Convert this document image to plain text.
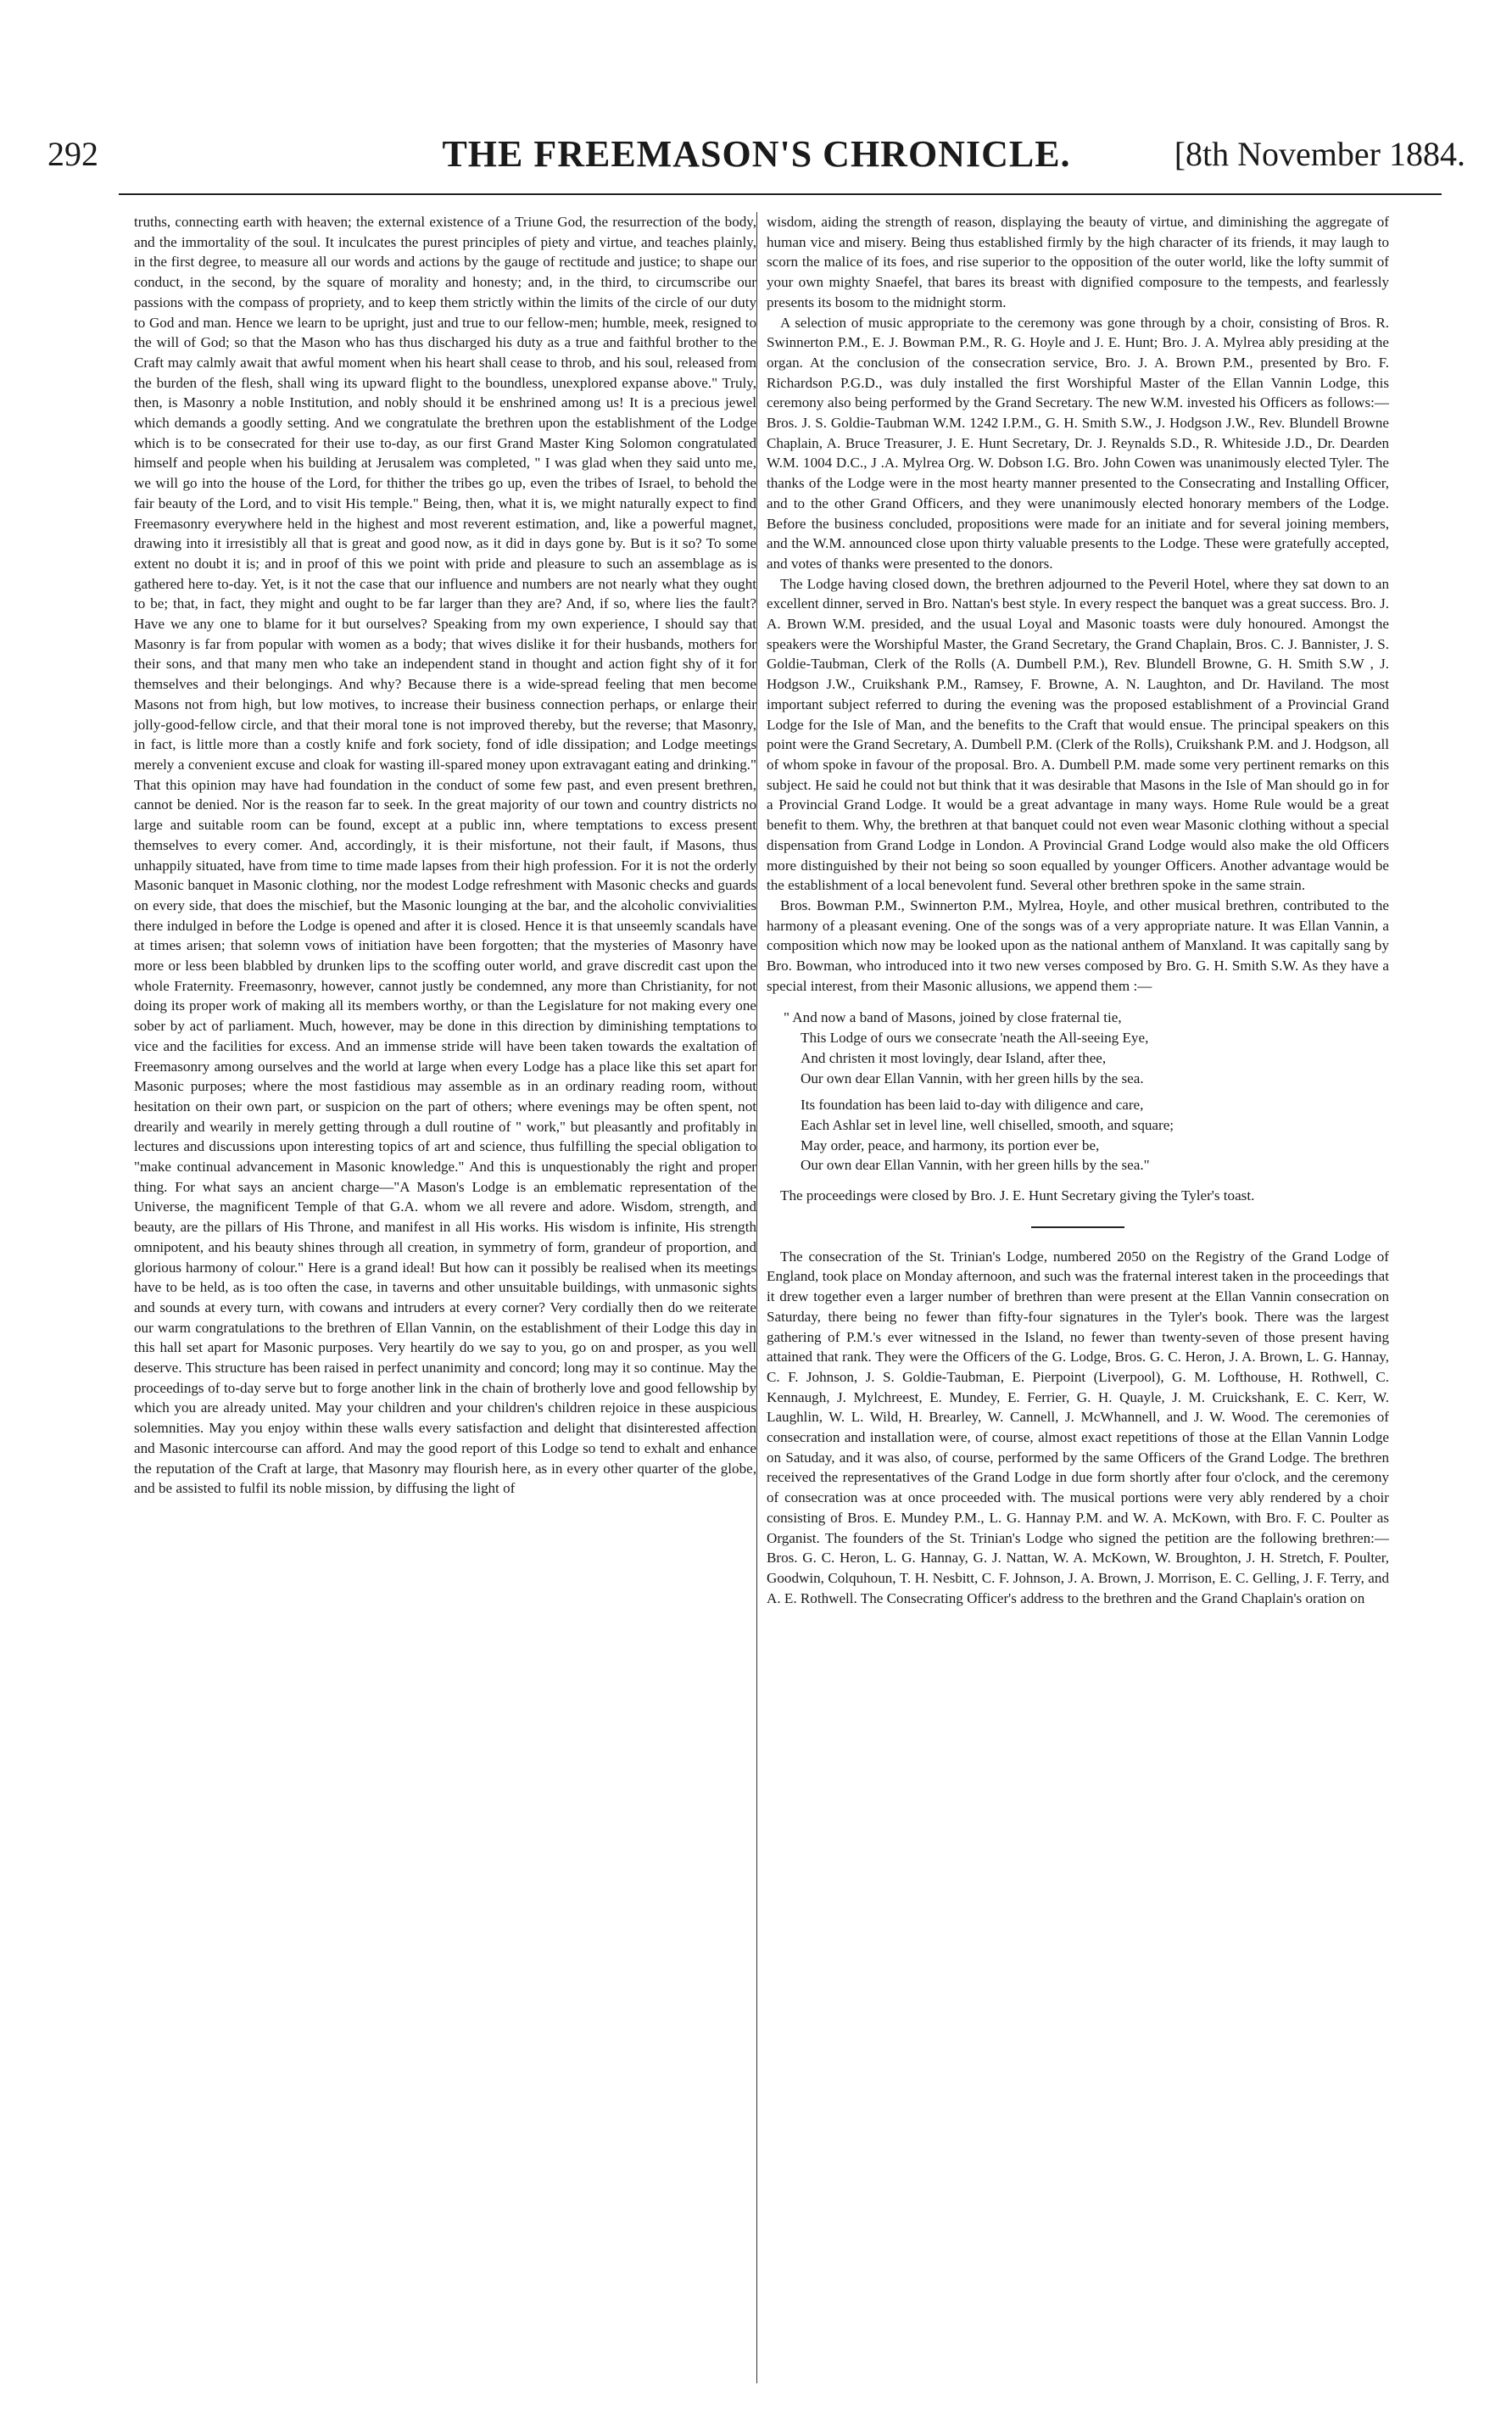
292	THE FREEMASON'S CHRONICLE.	[8th November 1884.

truths, connecting earth with heaven; the external existence of a Triune God, the resurrection of the body, and the immortality of the soul. It inculcates the purest principles of piety and virtue, and teaches plainly, in the first degree, to measure all our words and actions by the gauge of rectitude and justice; to shape our conduct, in the second, by the square of morality and honesty; and, in the third, to circumscribe our passions with the compass of propriety, and to keep them strictly within the limits of the circle of our duty to God and man. Hence we learn to be upright, just and true to our fellow-men; humble, meek, resigned to the will of God; so that the Mason who has thus discharged his duty as a true and faithful brother to the Craft may calmly await that awful moment when his heart shall cease to throb, and his soul, released from the burden of the flesh, shall wing its upward flight to the boundless, unexplored expanse above." Truly, then, is Masonry a noble Institution, and nobly should it be enshrined among us! It is a precious jewel which demands a goodly setting. And we congratulate the brethren upon the establishment of the Lodge which is to be consecrated for their use to-day, as our first Grand Master King Solomon congratulated himself and people when his building at Jerusalem was completed, " I was glad when they said unto me, we will go into the house of the Lord, for thither the tribes go up, even the tribes of Israel, to behold the fair beauty of the Lord, and to visit His temple." Being, then, what it is, we might naturally expect to find Freemasonry everywhere held in the highest and most reverent estimation, and, like a powerful magnet, drawing into it irresistibly all that is great and good now, as it did in days gone by. But is it so? To some extent no doubt it is; and in proof of this we point with pride and pleasure to such an assemblage as is gathered here to-day. Yet, is it not the case that our influence and numbers are not nearly what they ought to be; that, in fact, they might and ought to be far larger than they are? And, if so, where lies the fault? Have we any one to blame for it but ourselves? Speaking from my own experience, I should say that Masonry is far from popular with women as a body; that wives dislike it for their husbands, mothers for their sons, and that many men who take an independent stand in thought and action fight shy of it for themselves and their belongings. And why? Because there is a wide-spread feeling that men become Masons not from high, but low motives, to increase their business connection perhaps, or enlarge their jolly-good-fellow circle, and that their moral tone is not improved thereby, but the reverse; that Masonry, in fact, is little more than a costly knife and fork society, fond of idle dissipation; and Lodge meetings merely a convenient excuse and cloak for wasting ill-spared money upon extravagant eating and drinking." That this opinion may have had foundation in the conduct of some few past, and even present brethren, cannot be denied. Nor is the reason far to seek. In the great majority of our town and country districts no large and suitable room can be found, except at a public inn, where temptations to excess present themselves to every comer. And, accordingly, it is their misfortune, not their fault, if Masons, thus unhappily situated, have from time to time made lapses from their high profession. For it is not the orderly Masonic banquet in Masonic clothing, nor the modest Lodge refreshment with Masonic checks and guards on every side, that does the mischief, but the Masonic lounging at the bar, and the alcoholic convivialities there indulged in before the Lodge is opened and after it is closed. Hence it is that unseemly scandals have at times arisen; that solemn vows of initiation have been forgotten; that the mysteries of Masonry have more or less been blabbled by drunken lips to the scoffing outer world, and grave discredit cast upon the whole Fraternity. Freemasonry, however, cannot justly be condemned, any more than Christianity, for not doing its proper work of making all its members worthy, or than the Legislature for not making every one sober by act of parliament. Much, however, may be done in this direction by diminishing temptations to vice and the facilities for excess. And an immense stride will have been taken towards the exaltation of Freemasonry among ourselves and the world at large when every Lodge has a place like this set apart for Masonic purposes; where the most fastidious may assemble as in an ordinary reading room, without hesitation on their own part, or suspicion on the part of others; where evenings may be often spent, not drearily and wearily in merely getting through a dull routine of " work," but pleasantly and profitably in lectures and discussions upon interesting topics of art and science, thus fulfilling the special obligation to "make continual advancement in Masonic knowledge." And this is unquestionably the right and proper thing. For what says an ancient charge—"A Mason's Lodge is an emblematic representation of the Universe, the magnificent Temple of that G.A. whom we all revere and adore. Wisdom, strength, and beauty, are the pillars of His Throne, and manifest in all His works. His wisdom is infinite, His strength omnipotent, and his beauty shines through all creation, in symmetry of form, grandeur of proportion, and glorious harmony of colour." Here is a grand ideal! But how can it possibly be realised when its meetings have to be held, as is too often the case, in taverns and other unsuitable buildings, with unmasonic sights and sounds at every turn, with cowans and intruders at every corner? Very cordially then do we reiterate our warm congratulations to the brethren of Ellan Vannin, on the establishment of their Lodge this day in this hall set apart for Masonic purposes. Very heartily do we say to you, go on and prosper, as you well deserve. This structure has been raised in perfect unanimity and concord; long may it so continue. May the proceedings of to-day serve but to forge another link in the chain of brotherly love and good fellowship by which you are already united. May your children and your children's children rejoice in these auspicious solemnities. May you enjoy within these walls every satisfaction and delight that disinterested affection and Masonic intercourse can afford. And may the good report of this Lodge so tend to exhalt and enhance the reputation of the Craft at large, that Masonry may flourish here, as in every other quarter of the globe, and be assisted to fulfil its noble mission, by diffusing the light of

wisdom, aiding the strength of reason, displaying the beauty of virtue, and diminishing the aggregate of human vice and misery. Being thus established firmly by the high character of its friends, it may laugh to scorn the malice of its foes, and rise superior to the opposition of the outer world, like the lofty summit of your own mighty Snaefel, that bares its breast with dignified composure to the tempests, and fearlessly presents its bosom to the midnight storm.

A selection of music appropriate to the ceremony was gone through by a choir, consisting of Bros. R. Swinnerton P.M., E. J. Bowman P.M., R. G. Hoyle and J. E. Hunt; Bro. J. A. Mylrea ably presiding at the organ. At the conclusion of the consecration service, Bro. J. A. Brown P.M., presented by Bro. F. Richardson P.G.D., was duly installed the first Worshipful Master of the Ellan Vannin Lodge, this ceremony also being performed by the Grand Secretary. The new W.M. invested his Officers as follows:—Bros. J. S. Goldie-Taubman W.M. 1242 I.P.M., G. H. Smith S.W., J. Hodgson J.W., Rev. Blundell Browne Chaplain, A. Bruce Treasurer, J. E. Hunt Secretary, Dr. J. Reynalds S.D., R. Whiteside J.D., Dr. Dearden W.M. 1004 D.C., J .A. Mylrea Org. W. Dobson I.G. Bro. John Cowen was unanimously elected Tyler. The thanks of the Lodge were in the most hearty manner presented to the Consecrating and Installing Officer, and to the other Grand Officers, and they were unanimously elected honorary members of the Lodge. Before the business concluded, propositions were made for an initiate and for several joining members, and the W.M. announced close upon thirty valuable presents to the Lodge. These were gratefully accepted, and votes of thanks were presented to the donors.

The Lodge having closed down, the brethren adjourned to the Peveril Hotel, where they sat down to an excellent dinner, served in Bro. Nattan's best style. In every respect the banquet was a great success. Bro. J. A. Brown W.M. presided, and the usual Loyal and Masonic toasts were duly honoured. Amongst the speakers were the Worshipful Master, the Grand Secretary, the Grand Chaplain, Bros. C. J. Bannister, J. S. Goldie-Taubman, Clerk of the Rolls (A. Dumbell P.M.), Rev. Blundell Browne, G. H. Smith S.W , J. Hodgson J.W., Cruikshank P.M., Ramsey, F. Browne, A. N. Laughton, and Dr. Haviland. The most important subject referred to during the evening was the proposed establishment of a Provincial Grand Lodge for the Isle of Man, and the benefits to the Craft that would ensue. The principal speakers on this point were the Grand Secretary, A. Dumbell P.M. (Clerk of the Rolls), Cruikshank P.M. and J. Hodgson, all of whom spoke in favour of the proposal. Bro. A. Dumbell P.M. made some very pertinent remarks on this subject. He said he could not but think that it was desirable that Masons in the Isle of Man should go in for a Provincial Grand Lodge. It would be a great advantage in many ways. Home Rule would be a great benefit to them. Why, the brethren at that banquet could not even wear Masonic clothing without a special dispensation from Grand Lodge in London. A Provincial Grand Lodge would also make the old Officers more distinguished by their not being so soon equalled by younger Officers. Another advantage would be the establishment of a local benevolent fund. Several other brethren spoke in the same strain.

Bros. Bowman P.M., Swinnerton P.M., Mylrea, Hoyle, and other musical brethren, contributed to the harmony of a pleasant evening. One of the songs was of a very appropriate nature. It was Ellan Vannin, a composition which now may be looked upon as the national anthem of Manxland. It was capitally sang by Bro. Bowman, who introduced into it two new verses composed by Bro. G. H. Smith S.W. As they have a special interest, from their Masonic allusions, we append them :—

" And now a band of Masons, joined by close fraternal tie,

This Lodge of ours we consecrate 'neath the All-seeing Eye,

And christen it most lovingly, dear Island, after thee,

Our own dear Ellan Vannin, with her green hills by the sea.

Its foundation has been laid to-day with diligence and care,

Each Ashlar set in level line, well chiselled, smooth, and square;

May order, peace, and harmony, its portion ever be,

Our own dear Ellan Vannin, with her green hills by the sea."

The proceedings were closed by Bro. J. E. Hunt Secretary giving the Tyler's toast.

The consecration of the St. Trinian's Lodge, numbered 2050 on the Registry of the Grand Lodge of England, took place on Monday afternoon, and such was the fraternal interest taken in the proceedings that it drew together even a larger number of brethren than were present at the Ellan Vannin consecration on Saturday, there being no fewer than fifty-four signatures in the Tyler's book. There was the largest gathering of P.M.'s ever witnessed in the Island, no fewer than twenty-seven of those present having attained that rank. They were the Officers of the G. Lodge, Bros. G. C. Heron, J. A. Brown, L. G. Hannay, C. F. Johnson, J. S. Goldie-Taubman, E. Pierpoint (Liverpool), G. M. Lofthouse, H. Rothwell, C. Kennaugh, J. Mylchreest, E. Mundey, E. Ferrier, G. H. Quayle, J. M. Cruickshank, E. C. Kerr, W. Laughlin, W. L. Wild, H. Brearley, W. Cannell, J. McWhannell, and J. W. Wood. The ceremonies of consecration and installation were, of course, almost exact repetitions of those at the Ellan Vannin Lodge on Satuday, and it was also, of course, performed by the same Officers of the Grand Lodge. The brethren received the representatives of the Grand Lodge in due form shortly after four o'clock, and the ceremony of consecration was at once proceeded with. The musical portions were very ably rendered by a choir consisting of Bros. E. Mundey P.M., L. G. Hannay P.M. and W. A. McKown, with Bro. F. C. Poulter as Organist. The founders of the St. Trinian's Lodge who signed the petition are the following brethren:—Bros. G. C. Heron, L. G. Hannay, G. J. Nattan, W. A. McKown, W. Broughton, J. H. Stretch, F. Poulter, Goodwin, Colquhoun, T. H. Nesbitt, C. F. Johnson, J. A. Brown, J. Morrison, E. C. Gelling, J. F. Terry, and A. E. Rothwell. The Consecrating Officer's address to the brethren and the Grand Chaplain's oration on
